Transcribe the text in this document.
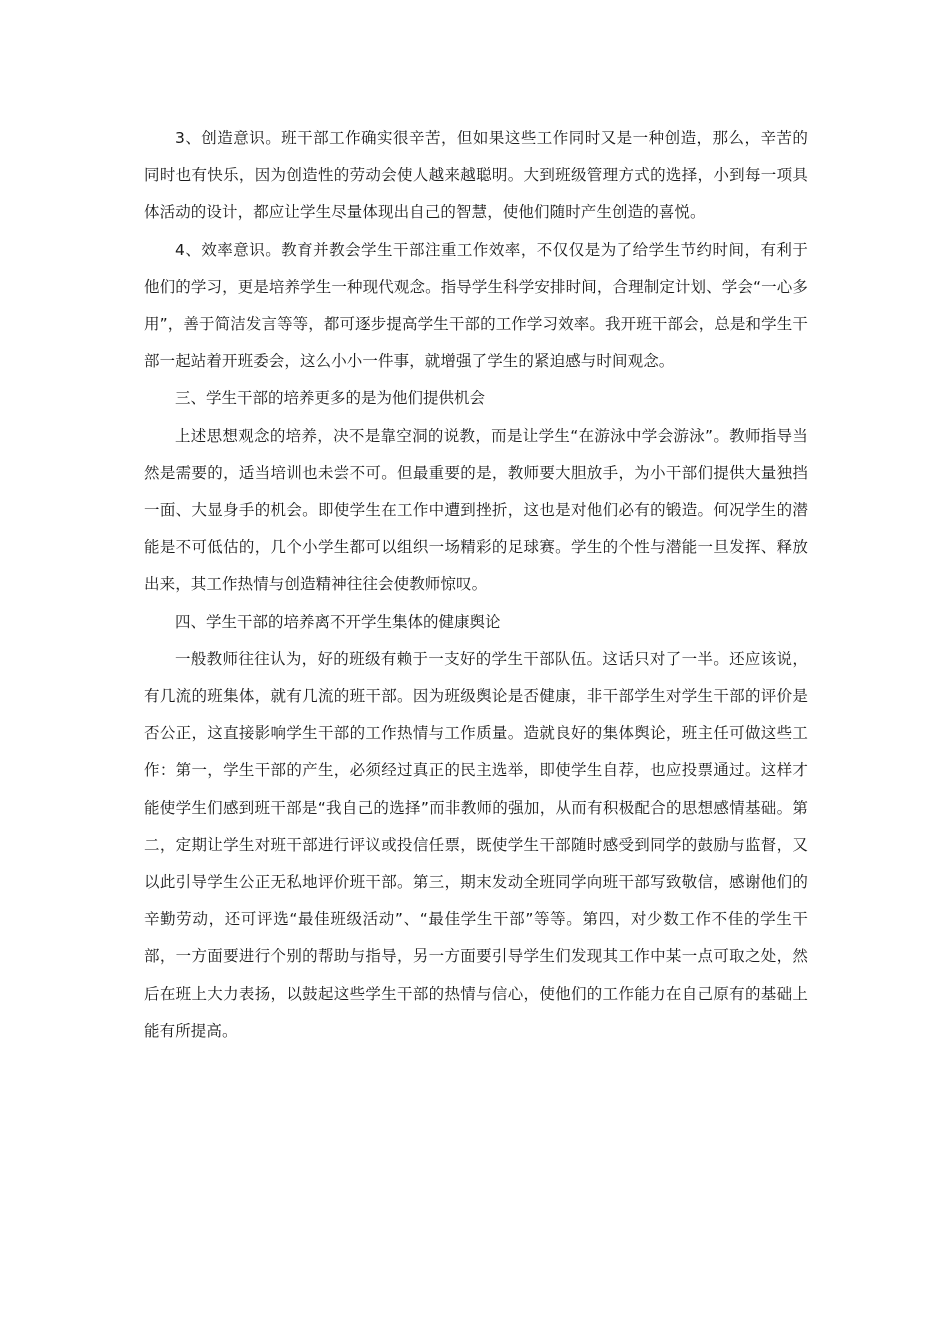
3、创造意识。班干部工作确实很辛苦，但如果这些工作同时又是一种创造，那么，辛苦的同时也有快乐，因为创造性的劳动会使人越来越聪明。大到班级管理方式的选择，小到每一项具体活动的设计，都应让学生尽量体现出自己的智慧，使他们随时产生创造的喜悦。

4、效率意识。教育并教会学生干部注重工作效率，不仅仅是为了给学生节约时间，有利于他们的学习，更是培养学生一种现代观念。指导学生科学安排时间，合理制定计划、学会“一心多用”，善于简洁发言等等，都可逐步提高学生干部的工作学习效率。我开班干部会，总是和学生干部一起站着开班委会，这么小小一件事，就增强了学生的紧迫感与时间观念。

三、学生干部的培养更多的是为他们提供机会

上述思想观念的培养，决不是靠空洞的说教，而是让学生“在游泳中学会游泳”。教师指导当然是需要的，适当培训也未尝不可。但最重要的是，教师要大胆放手，为小干部们提供大量独挡一面、大显身手的机会。即使学生在工作中遭到挫折，这也是对他们必有的锻造。何况学生的潜能是不可低估的，几个小学生都可以组织一场精彩的足球赛。学生的个性与潜能一旦发挥、释放出来，其工作热情与创造精神往往会使教师惊叹。

四、学生干部的培养离不开学生集体的健康舆论

一般教师往往认为，好的班级有赖于一支好的学生干部队伍。这话只对了一半。还应该说，有几流的班集体，就有几流的班干部。因为班级舆论是否健康，非干部学生对学生干部的评价是否公正，这直接影响学生干部的工作热情与工作质量。造就良好的集体舆论，班主任可做这些工作：第一，学生干部的产生，必须经过真正的民主选举，即使学生自荐，也应投票通过。这样才能使学生们感到班干部是“我自己的选择”而非教师的强加，从而有积极配合的思想感情基础。第二，定期让学生对班干部进行评议或投信任票，既使学生干部随时感受到同学的鼓励与监督，又以此引导学生公正无私地评价班干部。第三，期末发动全班同学向班干部写致敬信，感谢他们的辛勤劳动，还可评选“最佳班级活动”、“最佳学生干部”等等。第四，对少数工作不佳的学生干部，一方面要进行个别的帮助与指导，另一方面要引导学生们发现其工作中某一点可取之处，然后在班上大力表扬，以鼓起这些学生干部的热情与信心，使他们的工作能力在自己原有的基础上能有所提高。
